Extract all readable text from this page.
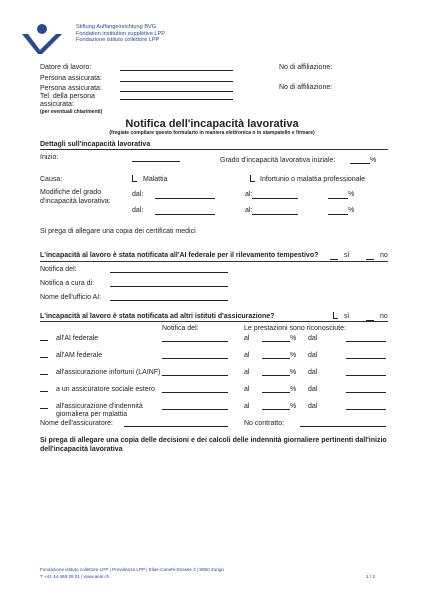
Stiftung Auffangeinrichtung BVG
Fondation institution supplétive LPP
Fondazione istituto collettore LPP
Datore di lavoro:	No di affiliazione:
Persona assicurata:
Persona assicurata:	No di affiliazione:
Tel. della persona
assicurata:
(per eventuali chiarimenti)
Notifica dell'incapacità lavorativa
(f​regiate compilare questo formulario in maniera elettronica o in stampatello e firmare)
Dettagli sull'incapacità lavorativa
Inizio:	Grado d'incapacità lavorativa iniziale:	%
Causa:	Malattia	Infortunio o malattia professionale
Modifiche del grado
d'incapacità lavorativa:
dal:	al:	%
dal:	al:	%
Si prega di allegare una copia dei certificati medici
L'incapacità al lavoro è stata notificata all'AI federale per il rilevamento tempestivo?	sì	no
Notifica del:
Notifica a cura di:
Nome dell'ufficio AI:
L'incapacità al lavoro è stata notificata ad altri istituti d'assicurazione?	sì	no
Notifica del:	Le prestazioni sono riconosciute:
all'AI federale	al	% dal
all'AM federale	al	% dal
all'assicurazione infortuni (LAINF)	al	% dal
a un assicuratore sociale estero	al	% dal
all'assicurazione d'indennità
giornaliera per malattia
al	% dal
Nome dell'assicuratore:	No contratto:
Si prega di allegare una copia delle decisioni e dei calcoli delle indennità giornaliere pertinenti dall'inizio
dell'incapacità lavorativa
Fondazione istituto collettore LPP | Previdenza LPP | Elias-Canetti-Strasse 2 | 8050 Zurigo
T +41 44 468 28 01 | www.aeis.ch	1 / 2
